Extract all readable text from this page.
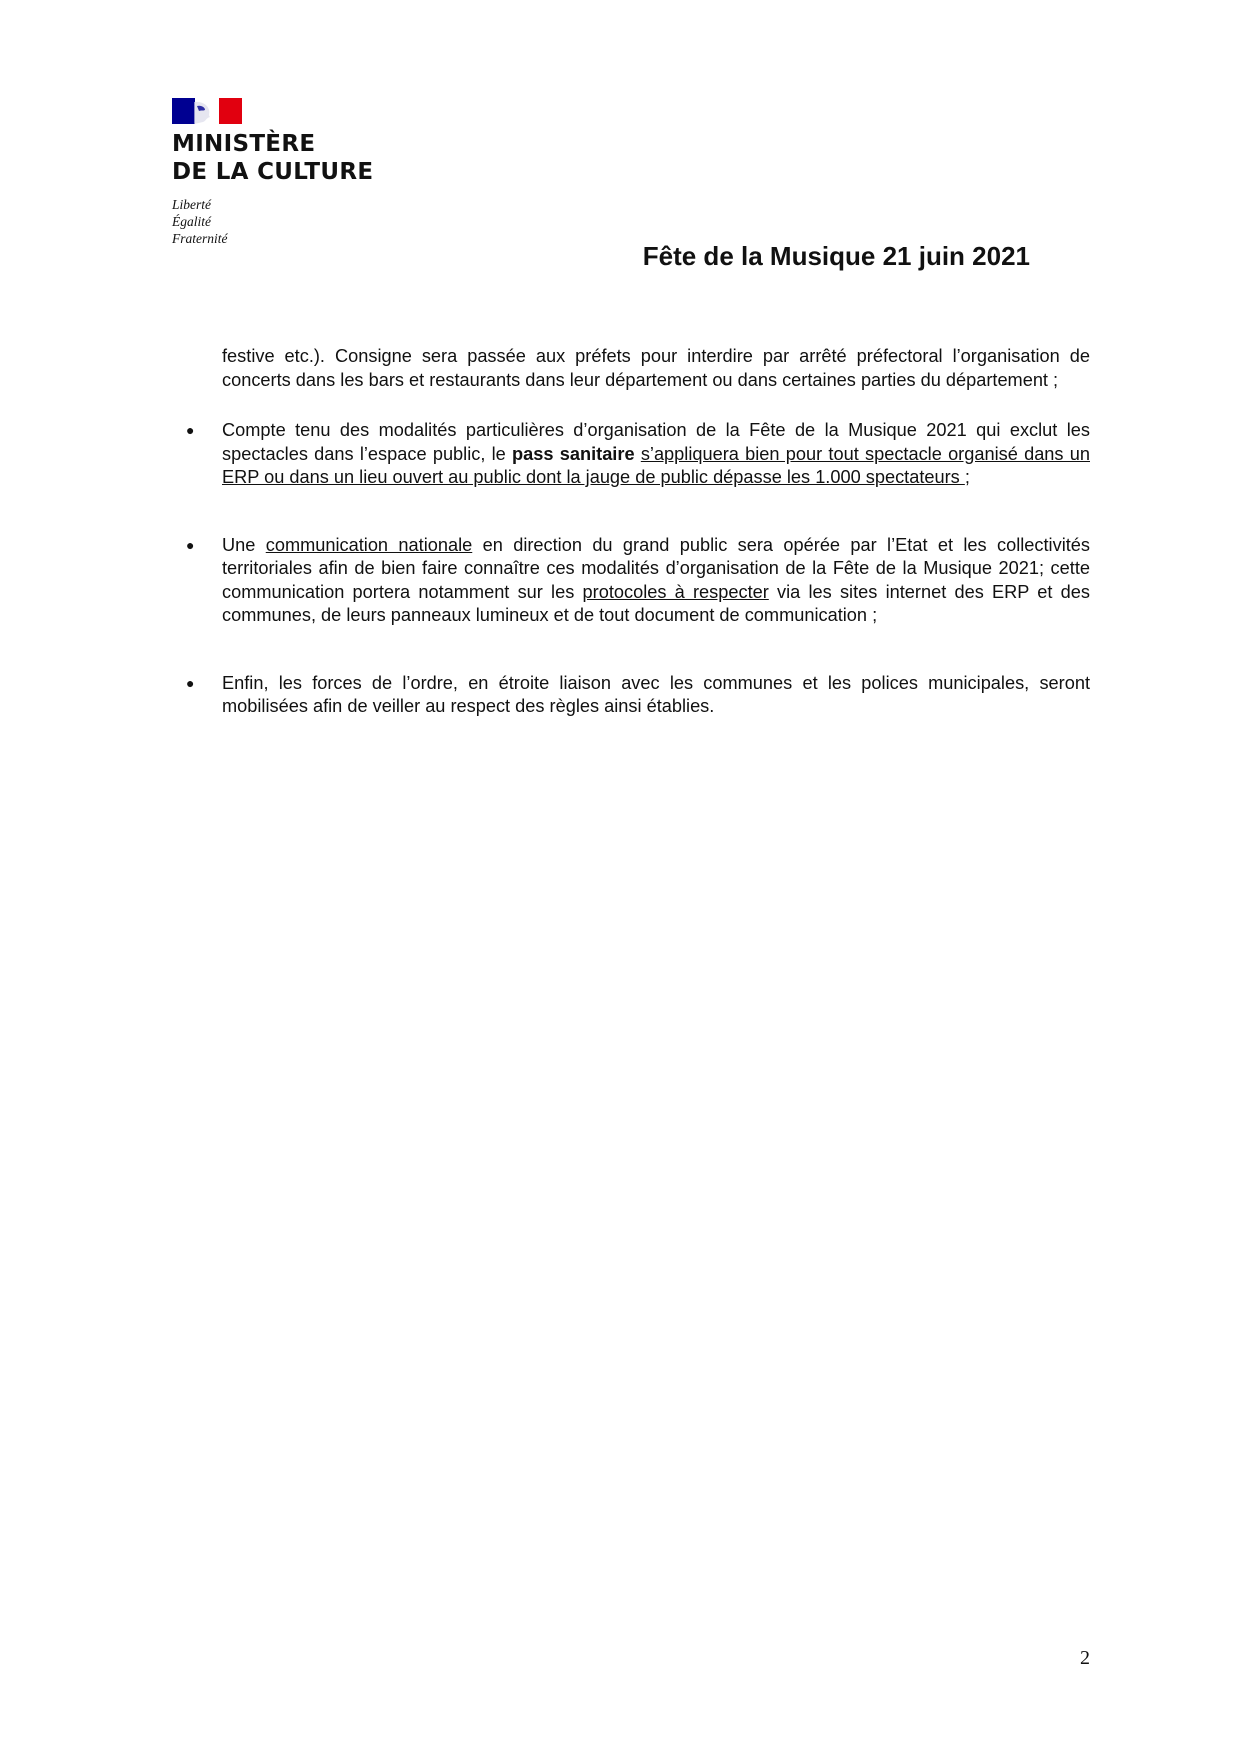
MINISTÈRE
DE LA CULTURE
Liberté
Égalité
Fraternité
Fête de la Musique 21 juin 2021

festive etc.). Consigne sera passée aux préfets pour interdire par arrêté préfectoral l’organisation de concerts dans les bars et restaurants dans leur département ou dans certaines parties du département ;

● Compte tenu des modalités particulières d’organisation de la Fête de la Musique 2021 qui exclut les spectacles dans l’espace public, le pass sanitaire s’appliquera bien pour tout spectacle organisé dans un ERP ou dans un lieu ouvert au public dont la jauge de public dépasse les 1.000 spectateurs ;

● Une communication nationale en direction du grand public sera opérée par l’Etat et les collectivités territoriales afin de bien faire connaître ces modalités d’organisation de la Fête de la Musique 2021; cette communication portera notamment sur les protocoles à respecter via les sites internet des ERP et des communes, de leurs panneaux lumineux et de tout document de communication ;

● Enfin, les forces de l’ordre, en étroite liaison avec les communes et les polices municipales, seront mobilisées afin de veiller au respect des règles ainsi établies.

2
